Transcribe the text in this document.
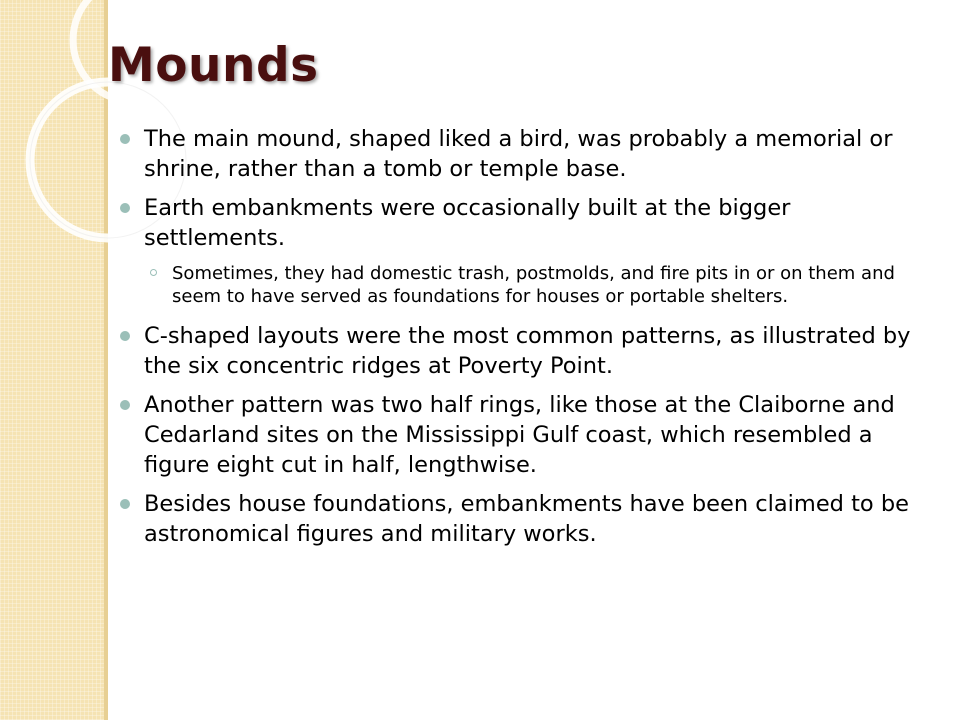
Mounds
The main mound, shaped liked a bird, was probably a memorial or shrine, rather than a tomb or temple base.
Earth embankments were occasionally built at the bigger settlements.
Sometimes, they had domestic trash, postmolds, and fire pits in or on them and seem to have served as foundations for houses or portable shelters.
C-shaped layouts were the most common patterns, as illustrated by the six concentric ridges at Poverty Point.
Another pattern was two half rings, like those at the Claiborne and Cedarland sites on the Mississippi Gulf coast, which resembled a figure eight cut in half, lengthwise.
Besides house foundations, embankments have been claimed to be astronomical figures and military works.
